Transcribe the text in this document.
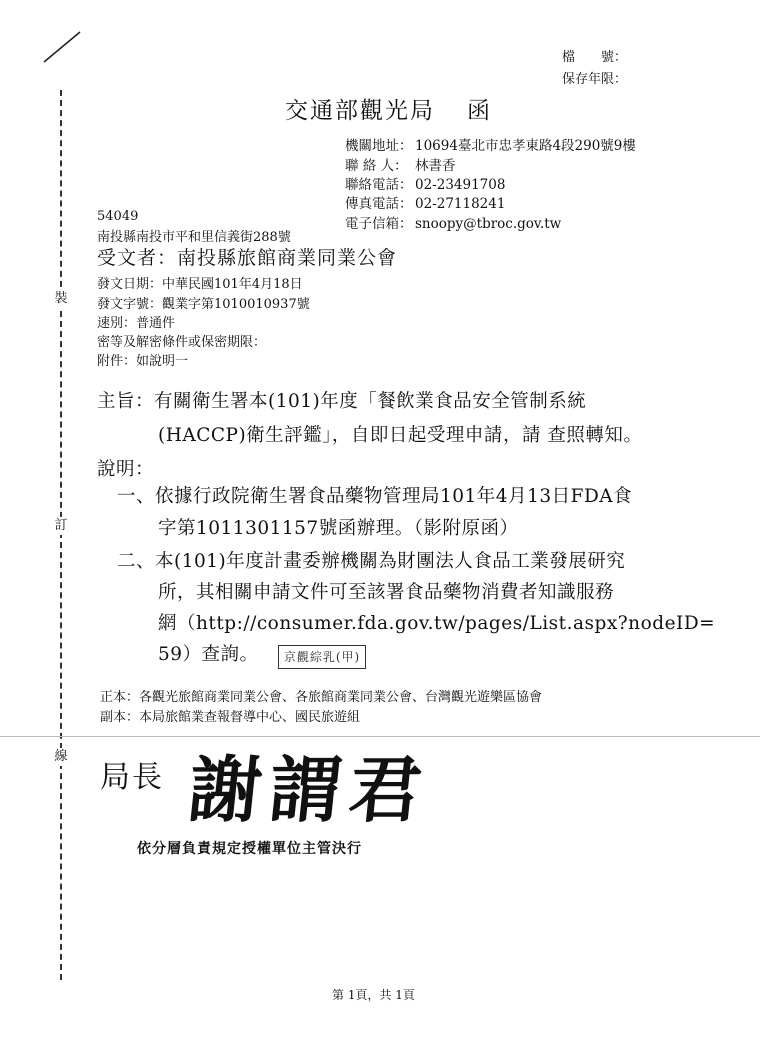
裝
訂
線
檔　　號：
保存年限：
交通部觀光局 函
機關地址： 10694臺北市忠孝東路4段290號9樓
聯 絡 人： 林書香
聯絡電話： 02-23491708
傳真電話： 02-27118241
電子信箱： snoopy@tbroc.gov.tw
54049
南投縣南投市平和里信義街288號
受文者：南投縣旅館商業同業公會
發文日期：中華民國101年4月18日
發文字號：觀業字第1010010937號
速別：普通件
密等及解密條件或保密期限：
附件：如說明一
主旨：有關衛生署本(101)年度「餐飲業食品安全管制系統
(HACCP)衛生評鑑」，自即日起受理申請，請 查照轉知。
說明：
一、依據行政院衛生署食品藥物管理局101年4月13日FDA食
字第1011301157號函辦理。（影附原函）
二、本(101)年度計畫委辦機關為財團法人食品工業發展研究
所，其相關申請文件可至該署食品藥物消費者知識服務
網（http://consumer.fda.gov.tw/pages/List.aspx?nodeID=
59）查詢。	京觀綜乳(甲)
正本：各觀光旅館商業同業公會、各旅館商業同業公會、台灣觀光遊樂區協會
副本：本局旅館業查報督導中心、國民旅遊組
局長 謝謂君
依分層負責規定授權單位主管決行
第 1頁，共 1頁
